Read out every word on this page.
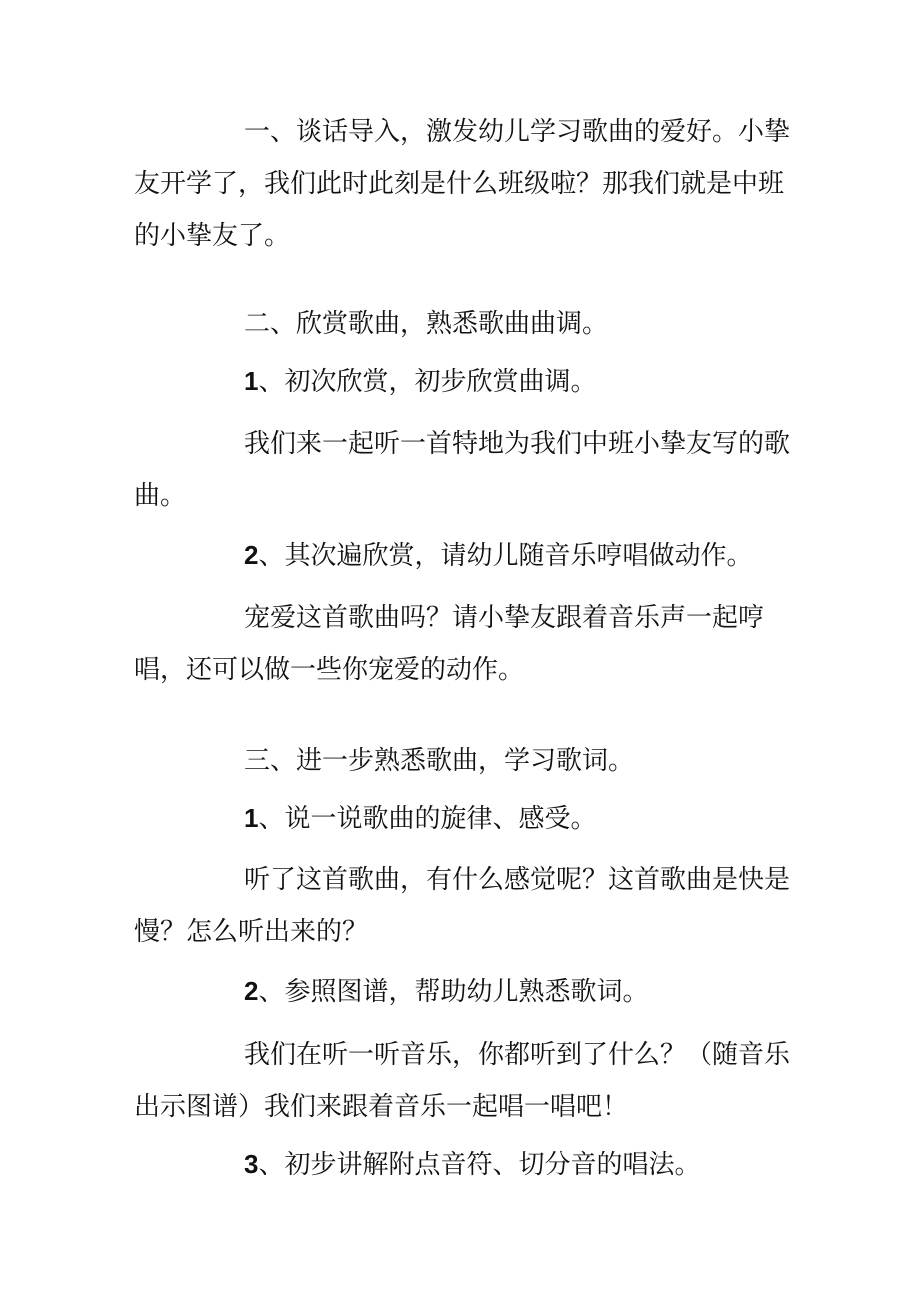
一、谈话导入，激发幼儿学习歌曲的爱好。小挚友开学了，我们此时此刻是什么班级啦？那我们就是中班的小挚友了。

二、欣赏歌曲，熟悉歌曲曲调。

1、初次欣赏，初步欣赏曲调。

我们来一起听一首特地为我们中班小挚友写的歌曲。

2、其次遍欣赏，请幼儿随音乐哼唱做动作。

宠爱这首歌曲吗？请小挚友跟着音乐声一起哼唱，还可以做一些你宠爱的动作。

三、进一步熟悉歌曲，学习歌词。

1、说一说歌曲的旋律、感受。

听了这首歌曲，有什么感觉呢？这首歌曲是快是慢？怎么听出来的？

2、参照图谱，帮助幼儿熟悉歌词。

我们在听一听音乐，你都听到了什么？（随音乐出示图谱）我们来跟着音乐一起唱一唱吧！

3、初步讲解附点音符、切分音的唱法。
